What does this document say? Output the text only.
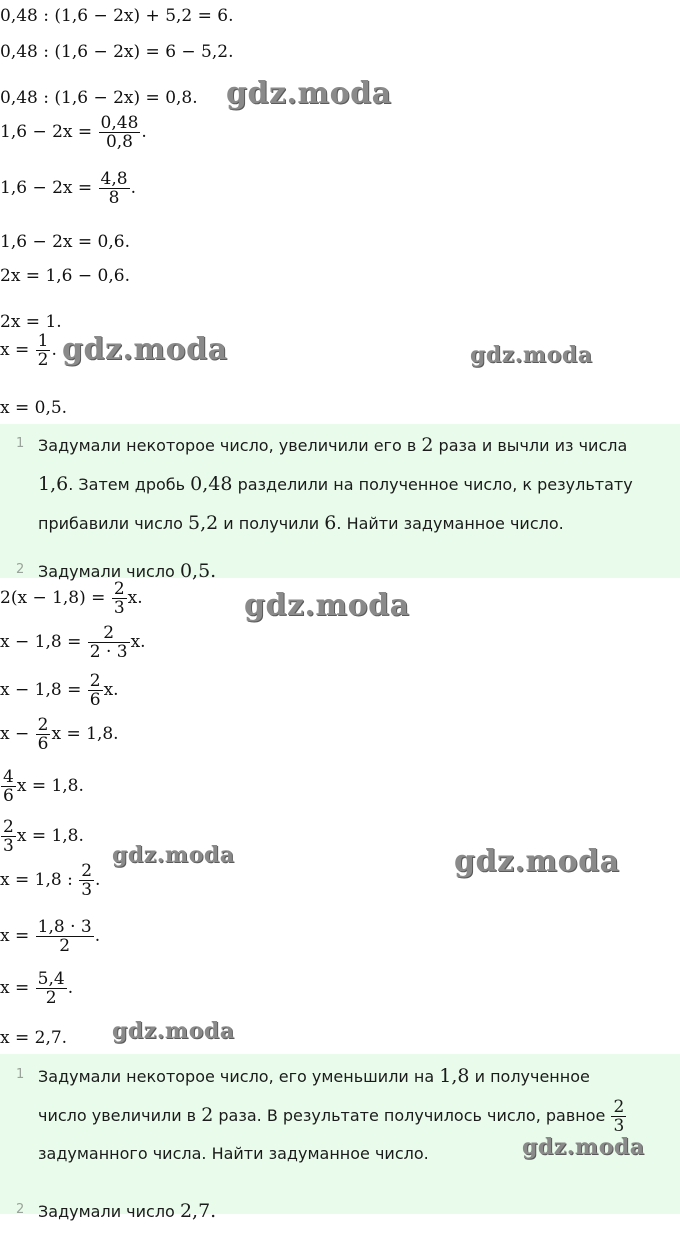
0,48 : (1,6 − 2x) + 5,2 = 6.
0,48 : (1,6 − 2x) = 6 − 5,2.
0,48 : (1,6 − 2x) = 0,8.
$1,6 - 2x = \frac{0,48}{0,8}$ .
$1,6 - 2x = \frac{4,8}{8}$ .
1,6 − 2x = 0,6.
2x = 1,6 − 0,6.
2x = 1.
$x = \frac{1}{2}$ .
x = 0,5.
gdz.moda
gdz.moda	gdz.moda
1 Задумали некоторое число, увеличили его в 2 раза и вычли из числа
1,6. Затем дробь 0,48 разделили на полученное число, к результату
прибавили число 5,2 и получили 6. Найти задуманное число.
2 Задумали число 0,5.
$2(x - 1,8) = \frac{2}{3} x$.
$x - 1,8 = \frac{2}{2 \cdot 3} x$.
$x - 1,8 = \frac{2}{6} x$.
$x - \frac{2}{6}$ x = 1,8.
$\frac{4}{6}$ x = 1,8.
$\frac{2}{3}$ x = 1,8.
x = 1,8 : $\frac{2}{3}$ .
$x = \frac{1,8 \cdot 3}{2}$ .
$x = \frac{5,4}{2}$ .
x = 2,7.
gdz.moda
gdz.moda	gdz.moda
gdz.moda
1 Задумали некоторое число, его уменьшили на 1,8 и полученное
число увеличили в 2 раза. В результате получилось число, равное $\frac{2}{3}$

задуманного числа. Найти задуманное число.	gdz.moda
2 Задумали число 2,7.
